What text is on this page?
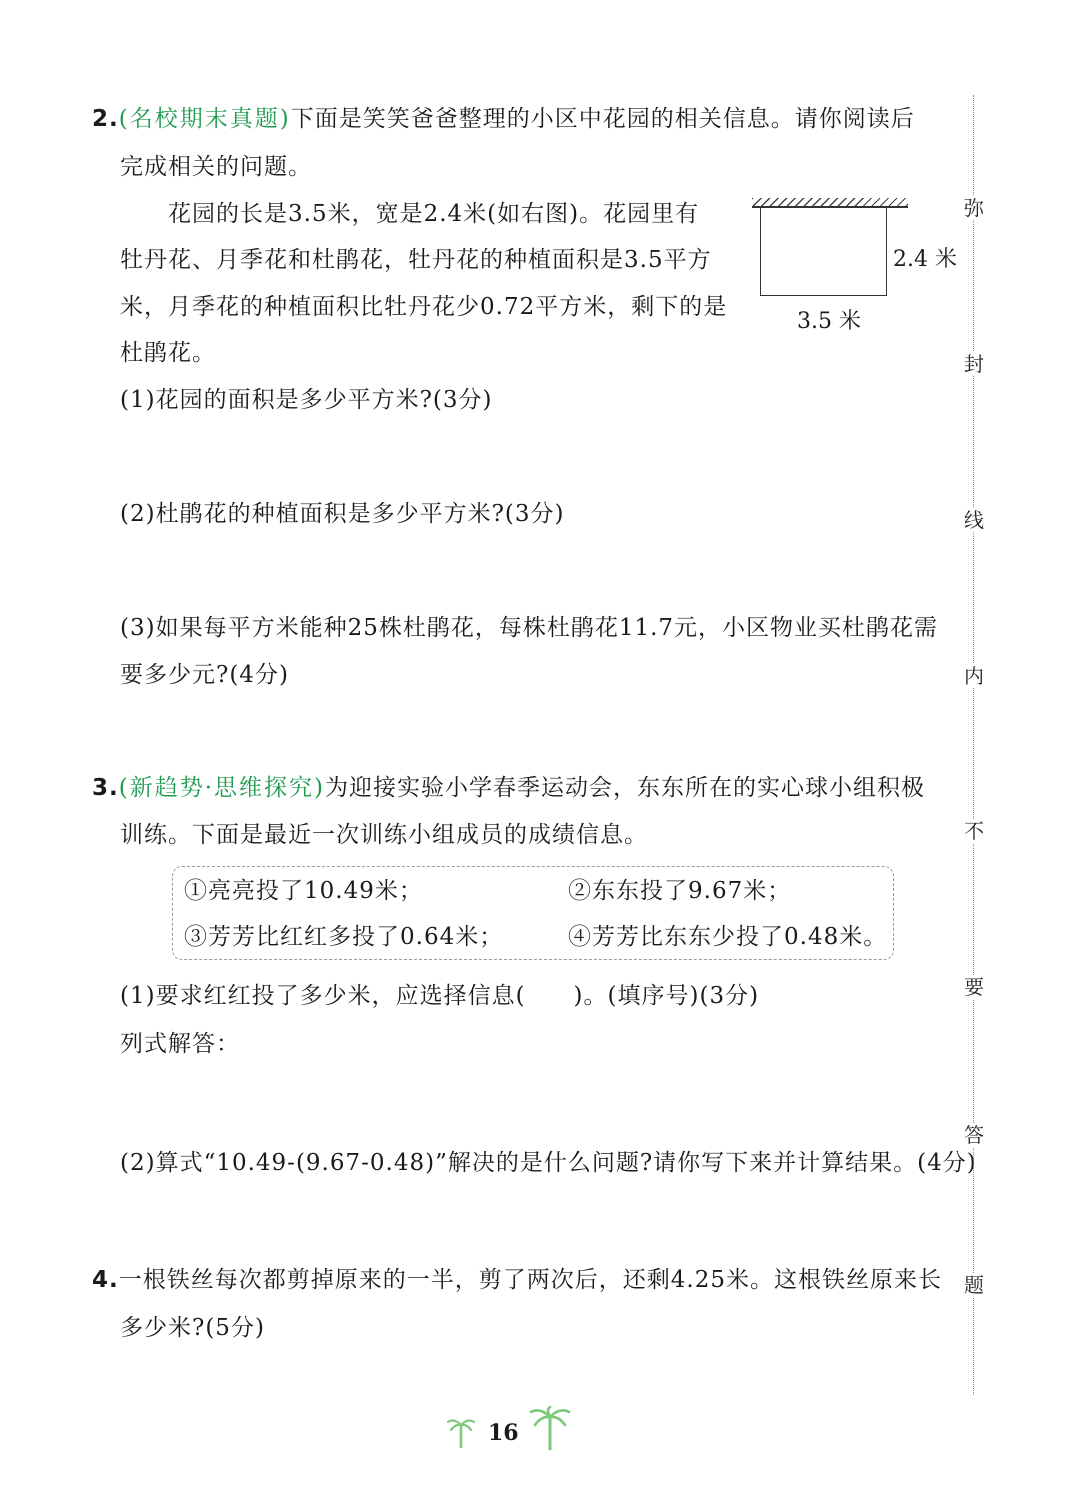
2.(名校期末真题)下面是笑笑爸爸整理的小区中花园的相关信息。请你阅读后
完成相关的问题。
花园的长是3.5米，宽是2.4米(如右图)。花园里有
牡丹花、月季花和杜鹃花，牡丹花的种植面积是3.5平方
米，月季花的种植面积比牡丹花少0.72平方米，剩下的是
杜鹃花。
2.4 米
3.5 米
(1)花园的面积是多少平方米?(3分)
(2)杜鹃花的种植面积是多少平方米?(3分)
(3)如果每平方米能种25株杜鹃花，每株杜鹃花11.7元，小区物业买杜鹃花需
要多少元?(4分)
3.(新趋势·思维探究)为迎接实验小学春季运动会，东东所在的实心球小组积极
训练。下面是最近一次训练小组成员的成绩信息。
①亮亮投了10.49米；	②东东投了9.67米；
③芳芳比红红多投了0.64米；	④芳芳比东东少投了0.48米。
(1)要求红红投了多少米，应选择信息(　　)。(填序号)(3分)
列式解答：
(2)算式“10.49-(9.67-0.48)”解决的是什么问题?请你写下来并计算结果。(4分)
4.一根铁丝每次都剪掉原来的一半，剪了两次后，还剩4.25米。这根铁丝原来长
多少米?(5分)
弥
封
线
内
不
要
答
题
16
